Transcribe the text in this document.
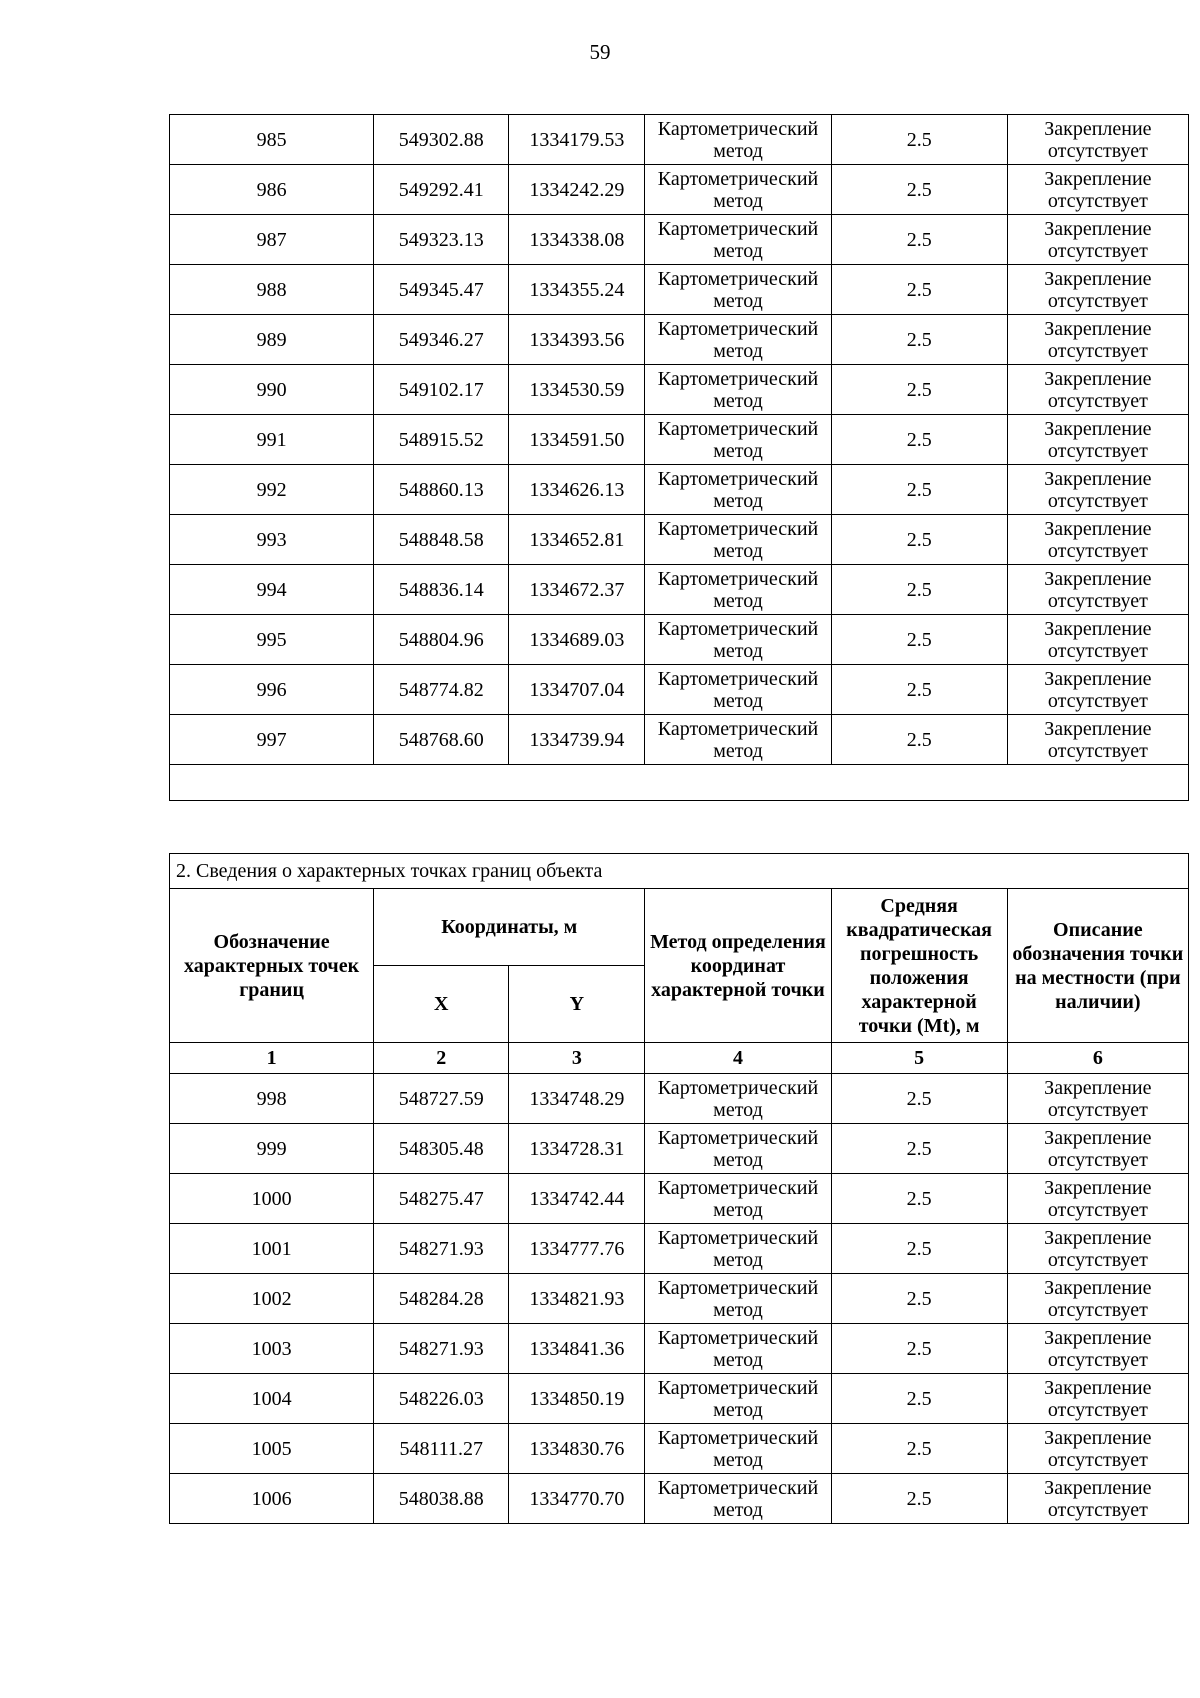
59
985	549302.88	1334179.53	Картометрический метод	2.5	Закрепление отсутствует
986	549292.41	1334242.29	Картометрический метод	2.5	Закрепление отсутствует
987	549323.13	1334338.08	Картометрический метод	2.5	Закрепление отсутствует
988	549345.47	1334355.24	Картометрический метод	2.5	Закрепление отсутствует
989	549346.27	1334393.56	Картометрический метод	2.5	Закрепление отсутствует
990	549102.17	1334530.59	Картометрический метод	2.5	Закрепление отсутствует
991	548915.52	1334591.50	Картометрический метод	2.5	Закрепление отсутствует
992	548860.13	1334626.13	Картометрический метод	2.5	Закрепление отсутствует
993	548848.58	1334652.81	Картометрический метод	2.5	Закрепление отсутствует
994	548836.14	1334672.37	Картометрический метод	2.5	Закрепление отсутствует
995	548804.96	1334689.03	Картометрический метод	2.5	Закрепление отсутствует
996	548774.82	1334707.04	Картометрический метод	2.5	Закрепление отсутствует
997	548768.60	1334739.94	Картометрический метод	2.5	Закрепление отсутствует

2. Сведения о характерных точках границ объекта					
Обозначение характерных точек границ	Координаты, м		Метод определения координат характерной точки	Средняя квадратическая погрешность положения характерной точки (Mt), м	Описание обозначения точки на местности (при наличии)
	X	Y			
1	2	3	4	5	6
998	548727.59	1334748.29	Картометрический метод	2.5	Закрепление отсутствует
999	548305.48	1334728.31	Картометрический метод	2.5	Закрепление отсутствует
1000	548275.47	1334742.44	Картометрический метод	2.5	Закрепление отсутствует
1001	548271.93	1334777.76	Картометрический метод	2.5	Закрепление отсутствует
1002	548284.28	1334821.93	Картометрический метод	2.5	Закрепление отсутствует
1003	548271.93	1334841.36	Картометрический метод	2.5	Закрепление отсутствует
1004	548226.03	1334850.19	Картометрический метод	2.5	Закрепление отсутствует
1005	548111.27	1334830.76	Картометрический метод	2.5	Закрепление отсутствует
1006	548038.88	1334770.70	Картометрический метод	2.5	Закрепление отсутствует
